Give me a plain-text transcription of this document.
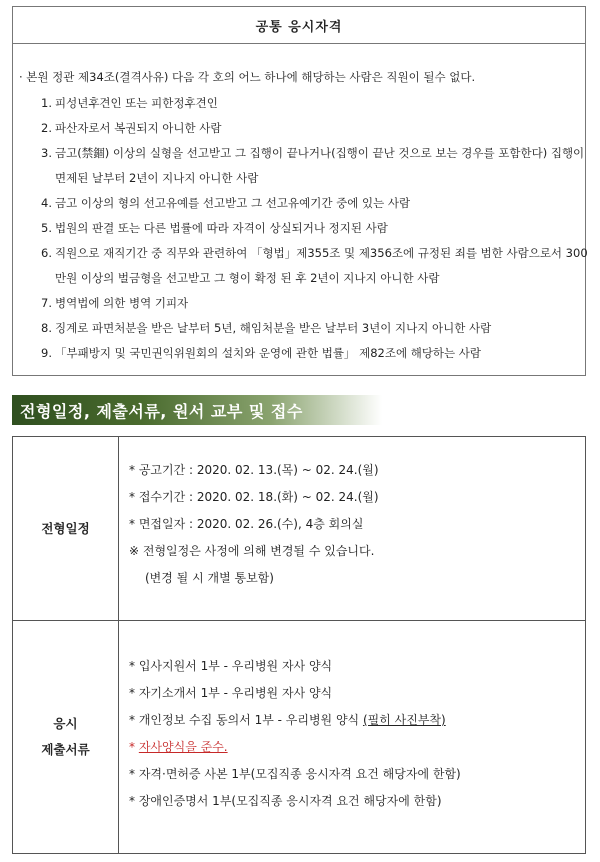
공통 응시자격
· 본원 정관 제34조(결격사유) 다음 각 호의 어느 하나에 해당하는 사람은 직원이 될수 없다.
1. 피성년후견인 또는 피한정후견인
2. 파산자로서 복권되지 아니한 사람
3. 금고(禁錮) 이상의 실형을 선고받고 그 집행이 끝나거나(집행이 끝난 것으로 보는 경우를 포함한다) 집행이 면제된 날부터 2년이 지나지 아니한 사람
4. 금고 이상의 형의 선고유예를 선고받고 그 선고유예기간 중에 있는 사람
5. 법원의 판결 또는 다른 법률에 따라 자격이 상실되거나 정지된 사람
6. 직원으로 재직기간 중 직무와 관련하여 「형법」제355조 및 제356조에 규정된 죄를 범한 사람으로서 300만원 이상의 벌금형을 선고받고 그 형이 확정 된 후 2년이 지나지 아니한 사람
7. 병역법에 의한 병역 기피자
8. 징계로 파면처분을 받은 날부터 5년, 해임처분을 받은 날부터 3년이 지나지 아니한 사람
9. 「부패방지 및 국민권익위원회의 설치와 운영에 관한 법률」 제82조에 해당하는 사람
전형일정, 제출서류, 원서 교부 및 접수
전형일정
* 공고기간 : 2020. 02. 13.(목) ~ 02. 24.(월)
* 접수기간 : 2020. 02. 18.(화) ~ 02. 24.(월)
* 면접일자 : 2020. 02. 26.(수), 4층 회의실
※ 전형일정은 사정에 의해 변경될 수 있습니다.
(변경 될 시 개별 통보함)
응시
제출서류
* 입사지원서 1부 - 우리병원 자사 양식
* 자기소개서 1부 - 우리병원 자사 양식
* 개인정보 수집 동의서 1부 - 우리병원 양식 (필히 사진부착)
* 자사양식을 준수.
* 자격·면허증 사본 1부(모집직종 응시자격 요건 해당자에 한함)
* 장애인증명서 1부(모집직종 응시자격 요건 해당자에 한함)
